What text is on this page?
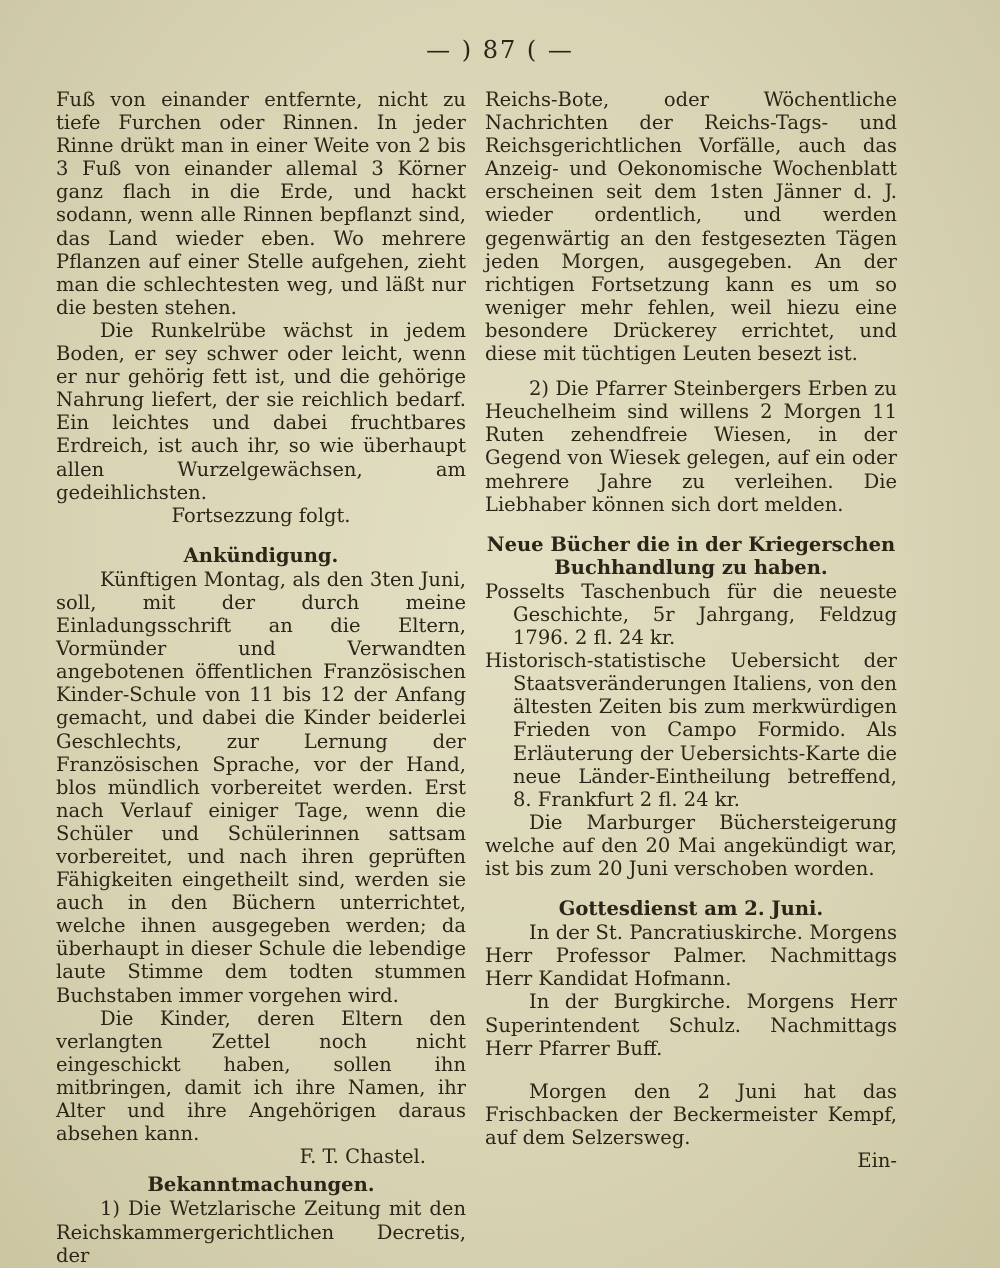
— ) 87 ( —

Fuß von einander entfernte, nicht zu tiefe Furchen oder Rinnen. In jeder Rinne drükt man in einer Weite von 2 bis 3 Fuß von einander allemal 3 Körner ganz flach in die Erde, und hackt sodann, wenn alle Rinnen bepflanzt sind, das Land wieder eben. Wo mehrere Pflanzen auf einer Stelle aufgehen, zieht man die schlechtesten weg, und läßt nur die besten stehen.

Die Runkelrübe wächst in jedem Boden, er sey schwer oder leicht, wenn er nur gehörig fett ist, und die gehörige Nahrung liefert, der sie reichlich bedarf. Ein leichtes und dabei fruchtbares Erdreich, ist auch ihr, so wie überhaupt allen Wurzelgewächsen, am gedeihlichsten.

Fortsezzung folgt.

Ankündigung.

Künftigen Montag, als den 3ten Juni, soll, mit der durch meine Einladungsschrift an die Eltern, Vormünder und Verwandten angebotenen öffentlichen Französischen Kinder-Schule von 11 bis 12 der Anfang gemacht, und dabei die Kinder beiderlei Geschlechts, zur Lernung der Französischen Sprache, vor der Hand, blos mündlich vorbereitet werden. Erst nach Verlauf einiger Tage, wenn die Schüler und Schülerinnen sattsam vorbereitet, und nach ihren geprüften Fähigkeiten eingetheilt sind, werden sie auch in den Büchern unterrichtet, welche ihnen ausgegeben werden; da überhaupt in dieser Schule die lebendige laute Stimme dem todten stummen Buchstaben immer vorgehen wird.

Die Kinder, deren Eltern den verlangten Zettel noch nicht eingeschickt haben, sollen ihn mitbringen, damit ich ihre Namen, ihr Alter und ihre Angehörigen daraus absehen kann.

F. T. Chastel.

Bekanntmachungen.

1) Die Wetzlarische Zeitung mit den Reichskammergerichtlichen Decretis, der

Reichs-Bote, oder Wöchentliche Nachrichten der Reichs-Tags- und Reichsgerichtlichen Vorfälle, auch das Anzeig- und Oekonomische Wochenblatt erscheinen seit dem 1sten Jänner d. J. wieder ordentlich, und werden gegenwärtig an den festgesezten Tägen jeden Morgen, ausgegeben. An der richtigen Fortsetzung kann es um so weniger mehr fehlen, weil hiezu eine besondere Drückerey errichtet, und diese mit tüchtigen Leuten besezt ist.

2) Die Pfarrer Steinbergers Erben zu Heuchelheim sind willens 2 Morgen 11 Ruten zehendfreie Wiesen, in der Gegend von Wiesek gelegen, auf ein oder mehrere Jahre zu verleihen. Die Liebhaber können sich dort melden.

Neue Bücher die in der Kriegerschen Buchhandlung zu haben.

Posselts Taschenbuch für die neueste Geschichte, 5r Jahrgang, Feldzug 1796. 2 fl. 24 kr.

Historisch-statistische Uebersicht der Staatsveränderungen Italiens, von den ältesten Zeiten bis zum merkwürdigen Frieden von Campo Formido. Als Erläuterung der Uebersichts-Karte die neue Länder-Eintheilung betreffend, 8. Frankfurt 2 fl. 24 kr.

Die Marburger Büchersteigerung welche auf den 20 Mai angekündigt war, ist bis zum 20 Juni verschoben worden.

Gottesdienst am 2. Juni.

In der St. Pancratiuskirche. Morgens Herr Professor Palmer. Nachmittags Herr Kandidat Hofmann.

In der Burgkirche. Morgens Herr Superintendent Schulz. Nachmittags Herr Pfarrer Buff.

Morgen den 2 Juni hat das Frischbacken der Beckermeister Kempf, auf dem Selzersweg.

Ein-
